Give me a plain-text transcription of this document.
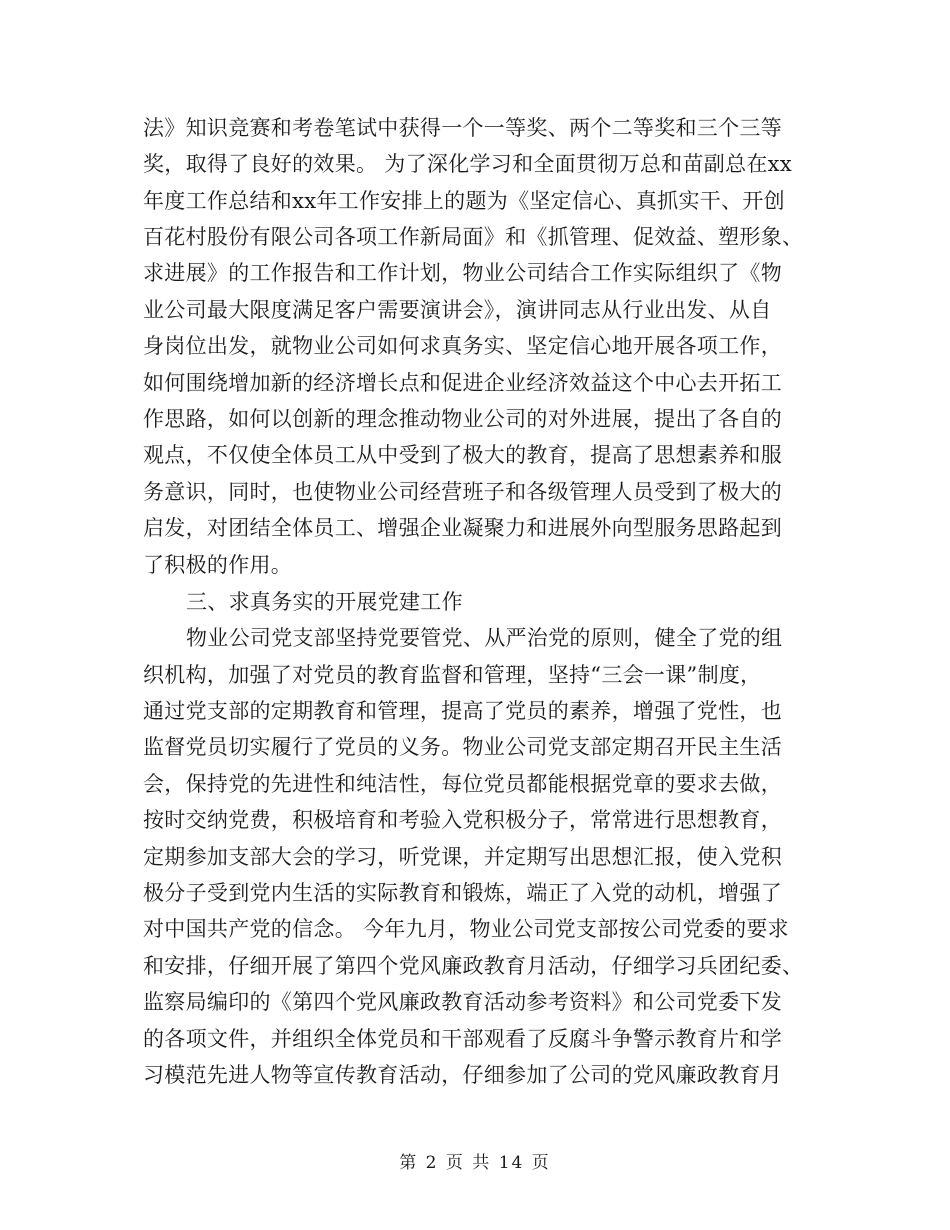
法》知识竞赛和考卷笔试中获得一个一等奖、两个二等奖和三个三等
奖，取得了良好的效果。 为了深化学习和全面贯彻万总和苗副总在xx
年度工作总结和xx年工作安排上的题为《坚定信心、真抓实干、开创
百花村股份有限公司各项工作新局面》和《抓管理、促效益、塑形象、
求进展》的工作报告和工作计划，物业公司结合工作实际组织了《物
业公司最大限度满足客户需要演讲会》，演讲同志从行业出发、从自
身岗位出发，就物业公司如何求真务实、坚定信心地开展各项工作，
如何围绕增加新的经济增长点和促进企业经济效益这个中心去开拓工
作思路，如何以创新的理念推动物业公司的对外进展，提出了各自的
观点，不仅使全体员工从中受到了极大的教育，提高了思想素养和服
务意识，同时，也使物业公司经营班子和各级管理人员受到了极大的
启发，对团结全体员工、增强企业凝聚力和进展外向型服务思路起到
了积极的作用。
三、求真务实的开展党建工作
物业公司党支部坚持党要管党、从严治党的原则，健全了党的组
织机构，加强了对党员的教育监督和管理，坚持“三会一课”制度，
通过党支部的定期教育和管理，提高了党员的素养，增强了党性，也
监督党员切实履行了党员的义务。物业公司党支部定期召开民主生活
会，保持党的先进性和纯洁性，每位党员都能根据党章的要求去做，
按时交纳党费，积极培育和考验入党积极分子，常常进行思想教育，
定期参加支部大会的学习，听党课，并定期写出思想汇报，使入党积
极分子受到党内生活的实际教育和锻炼，端正了入党的动机，增强了
对中国共产党的信念。 今年九月，物业公司党支部按公司党委的要求
和安排，仔细开展了第四个党风廉政教育月活动，仔细学习兵团纪委、
监察局编印的《第四个党风廉政教育活动参考资料》和公司党委下发
的各项文件，并组织全体党员和干部观看了反腐斗争警示教育片和学
习模范先进人物等宣传教育活动，仔细参加了公司的党风廉政教育月
第 2 页 共 14 页
